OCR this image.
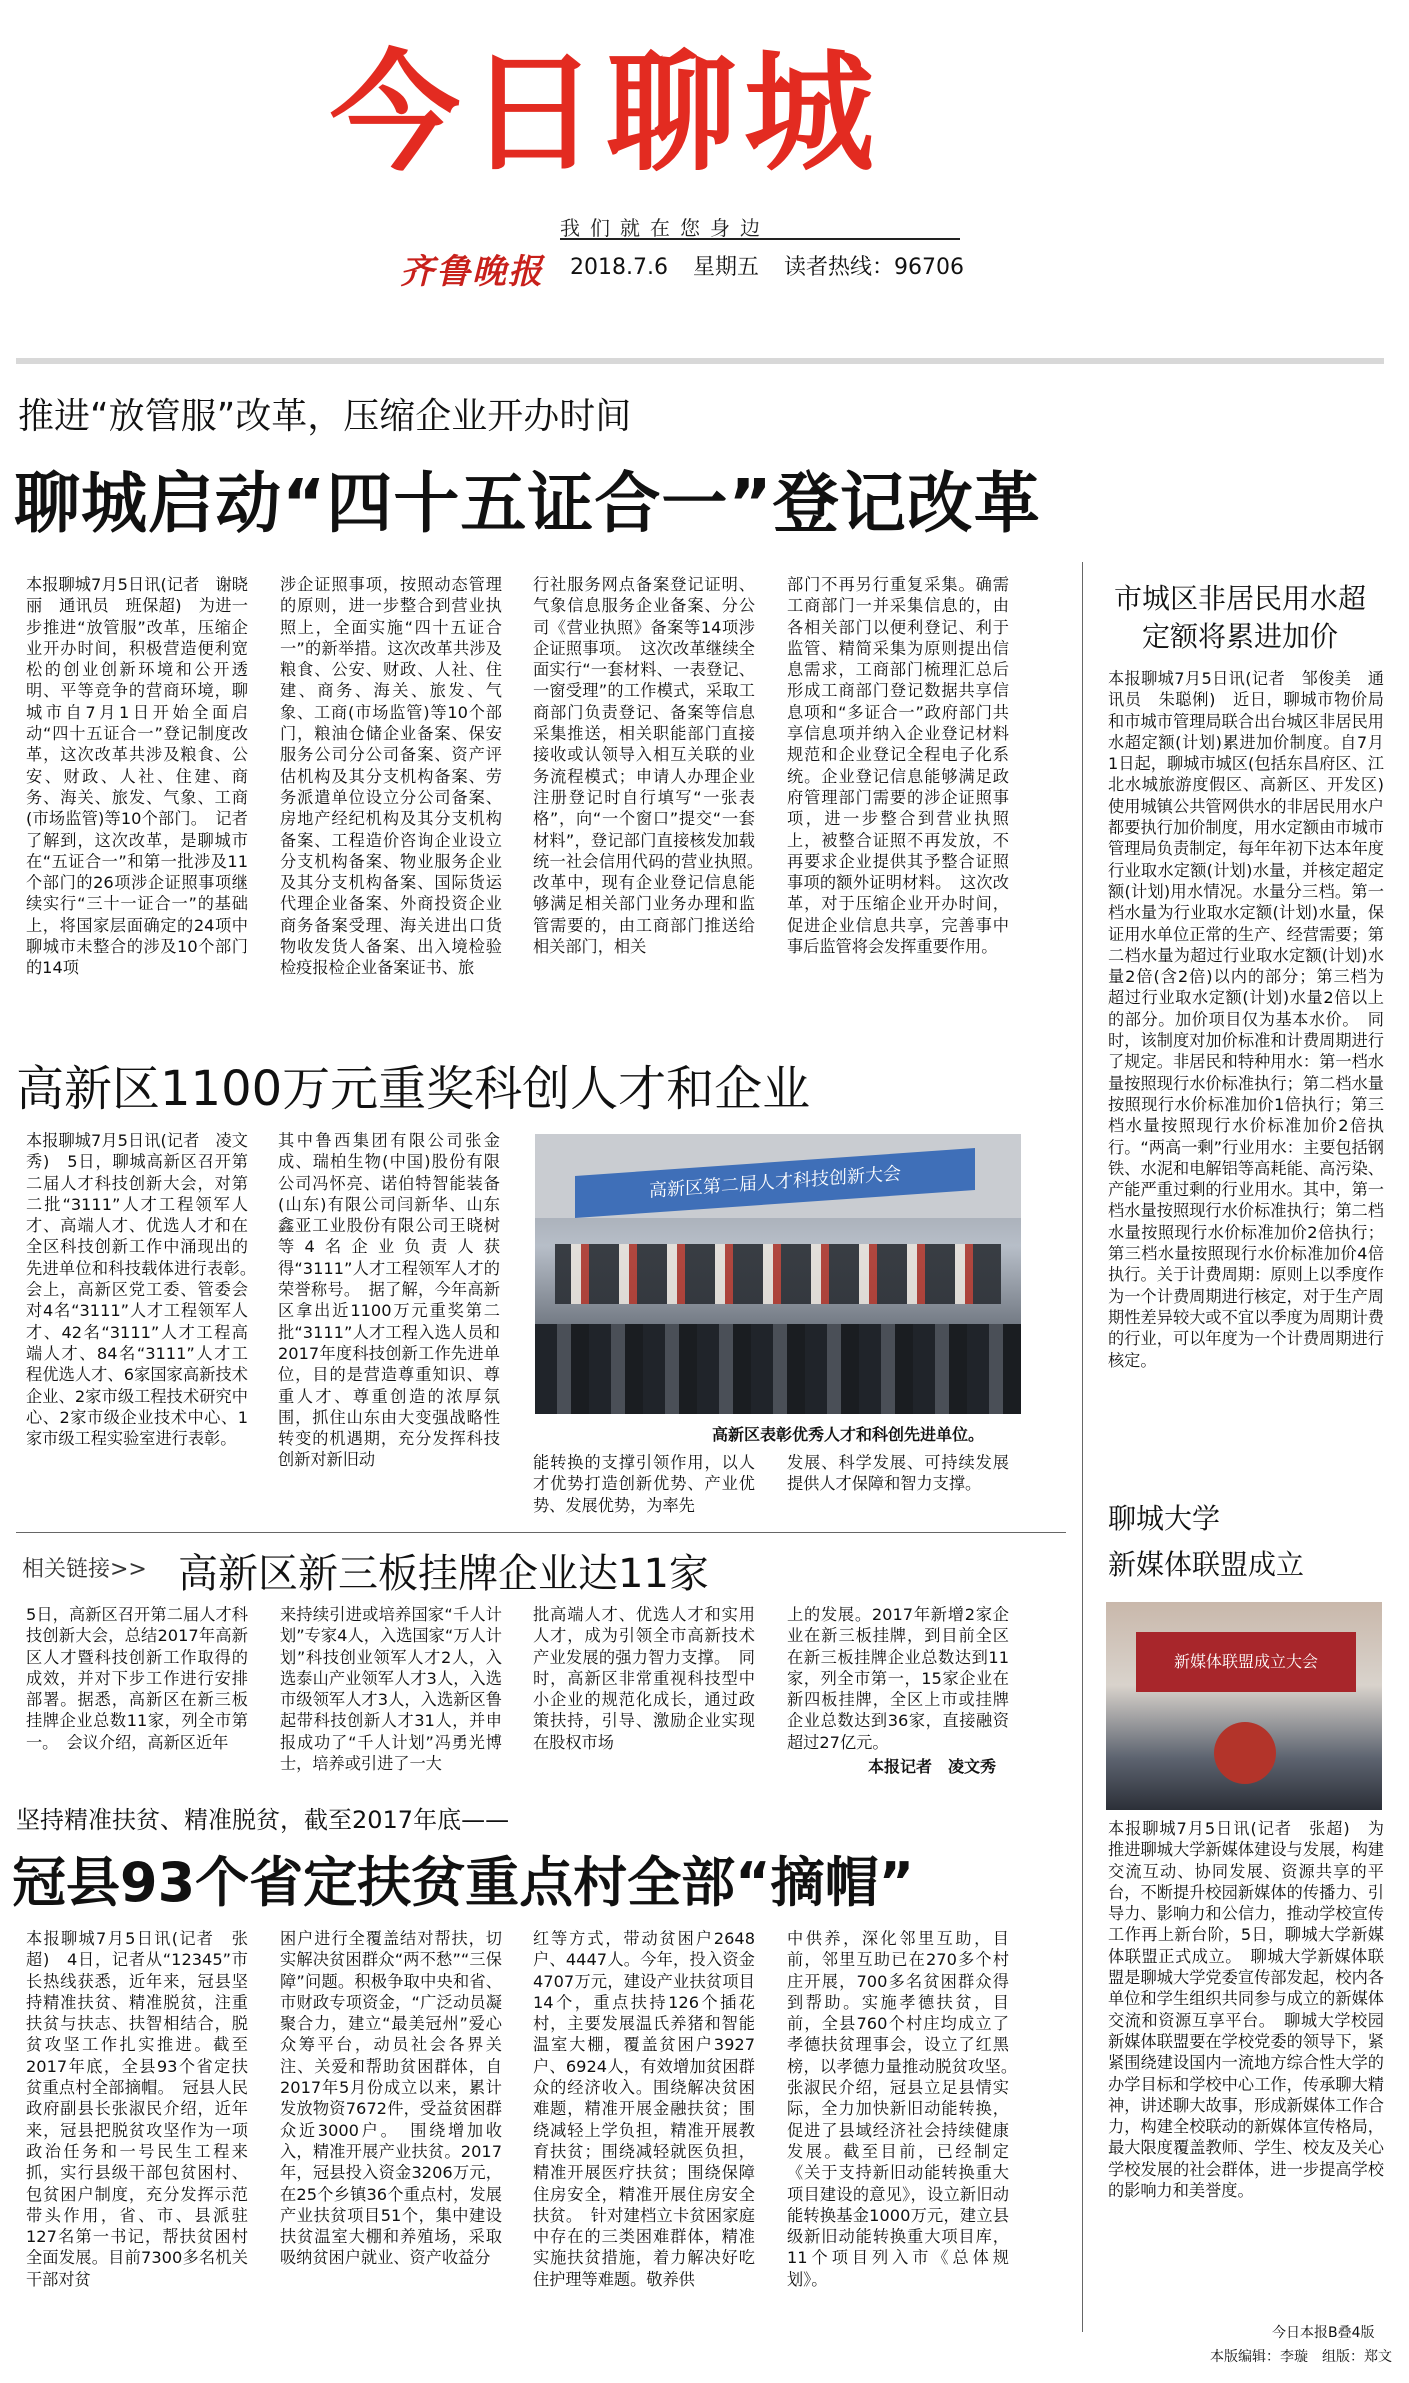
今日聊城
我们就在您身边
齐鲁晚报 2018.7.6 星期五 读者热线：96706
推进“放管服”改革，压缩企业开办时间
聊城启动“四十五证合一”登记改革
本报聊城7月5日讯(记者　谢晓丽　通讯员　班保超)　为进一步推进“放管服”改革，压缩企业开办时间，积极营造便利宽松的创业创新环境和公开透明、平等竞争的营商环境，聊城市自7月1日开始全面启动“四十五证合一”登记制度改革，这次改革共涉及粮食、公安、财政、人社、住建、商务、海关、旅发、气象、工商(市场监管)等10个部门。　记者了解到，这次改革，是聊城市在“五证合一”和第一批涉及11个部门的26项涉企证照事项继续实行“三十一证合一”的基础上，将国家层面确定的24项中聊城市未整合的涉及10个部门的14项
涉企证照事项，按照动态管理的原则，进一步整合到营业执照上，全面实施“四十五证合一”的新举措。这次改革共涉及粮食、公安、财政、人社、住建、商务、海关、旅发、气象、工商(市场监管)等10个部门，粮油仓储企业备案、保安服务公司分公司备案、资产评估机构及其分支机构备案、劳务派遣单位设立分公司备案、房地产经纪机构及其分支机构备案、工程造价咨询企业设立分支机构备案、物业服务企业及其分支机构备案、国际货运代理企业备案、外商投资企业商务备案受理、海关进出口货物收发货人备案、出入境检验检疫报检企业备案证书、旅
行社服务网点备案登记证明、气象信息服务企业备案、分公司《营业执照》备案等14项涉企证照事项。　这次改革继续全面实行“一套材料、一表登记、一窗受理”的工作模式，采取工商部门负责登记、备案等信息采集推送，相关职能部门直接接收或认领导入相互关联的业务流程模式；申请人办理企业注册登记时自行填写“一张表格”，向“一个窗口”提交“一套材料”，登记部门直接核发加载统一社会信用代码的营业执照。　改革中，现有企业登记信息能够满足相关部门业务办理和监管需要的，由工商部门推送给相关部门，相关
部门不再另行重复采集。确需工商部门一并采集信息的，由各相关部门以便利登记、利于监管、精简采集为原则提出信息需求，工商部门梳理汇总后形成工商部门登记数据共享信息项和“多证合一”政府部门共享信息项并纳入企业登记材料规范和企业登记全程电子化系统。企业登记信息能够满足政府管理部门需要的涉企证照事项，进一步整合到营业执照上，被整合证照不再发放，不再要求企业提供其予整合证照事项的额外证明材料。　这次改革，对于压缩企业开办时间，促进企业信息共享，完善事中事后监管将会发挥重要作用。
高新区1100万元重奖科创人才和企业
本报聊城7月5日讯(记者　凌文秀)　5日，聊城高新区召开第二届人才科技创新大会，对第二批“3111”人才工程领军人才、高端人才、优选人才和在全区科技创新工作中涌现出的先进单位和科技载体进行表彰。　会上，高新区党工委、管委会对4名“3111”人才工程领军人才、42名“3111”人才工程高端人才、84名“3111”人才工程优选人才、6家国家高新技术企业、2家市级工程技术研究中心、2家市级企业技术中心、1家市级工程实验室进行表彰。
其中鲁西集团有限公司张金成、瑞柏生物(中国)股份有限公司冯怀亮、诺伯特智能装备(山东)有限公司闫新华、山东鑫亚工业股份有限公司王晓树等4名企业负责人获得“3111”人才工程领军人才的荣誉称号。　据了解，今年高新区拿出近1100万元重奖第二批“3111”人才工程入选人员和2017年度科技创新工作先进单位，目的是营造尊重知识、尊重人才、尊重创造的浓厚氛围，抓住山东由大变强战略性转变的机遇期，充分发挥科技创新对新旧动
高新区第二届人才科技创新大会
高新区表彰优秀人才和科创先进单位。
能转换的支撑引领作用，以人才优势打造创新优势、产业优势、发展优势，为率先
发展、科学发展、可持续发展提供人才保障和智力支撑。
相关链接>> 高新区新三板挂牌企业达11家
5日，高新区召开第二届人才科技创新大会，总结2017年高新区人才暨科技创新工作取得的成效，并对下步工作进行安排部署。据悉，高新区在新三板挂牌企业总数11家，列全市第一。　会议介绍，高新区近年
来持续引进或培养国家“千人计划”专家4人，入选国家“万人计划”科技创业领军人才2人，入选泰山产业领军人才3人，入选市级领军人才3人，入选新区鲁起带科技创新人才31人，并申报成功了“千人计划”冯勇光博士，培养或引进了一大
批高端人才、优选人才和实用人才，成为引领全市高新技术产业发展的强力智力支撑。　同时，高新区非常重视科技型中小企业的规范化成长，通过政策扶持，引导、激励企业实现在股权市场
上的发展。2017年新增2家企业在新三板挂牌，到目前全区在新三板挂牌企业总数达到11家，列全市第一，15家企业在新四板挂牌，全区上市或挂牌企业总数达到36家，直接融资超过27亿元。
本报记者　凌文秀
坚持精准扶贫、精准脱贫，截至2017年底——
冠县93个省定扶贫重点村全部“摘帽”
本报聊城7月5日讯(记者　张超)　4日，记者从“12345”市长热线获悉，近年来，冠县坚持精准扶贫、精准脱贫，注重扶贫与扶志、扶智相结合，脱贫攻坚工作扎实推进。截至2017年底，全县93个省定扶贫重点村全部摘帽。　冠县人民政府副县长张淑民介绍，近年来，冠县把脱贫攻坚作为一项政治任务和一号民生工程来抓，实行县级干部包贫困村、包贫困户制度，充分发挥示范带头作用，省、市、县派驻127名第一书记，帮扶贫困村全面发展。目前7300多名机关干部对贫
困户进行全覆盖结对帮扶，切实解决贫困群众“两不愁”“三保障”问题。积极争取中央和省、市财政专项资金，“广泛动员凝聚合力，建立“最美冠州”爱心众筹平台，动员社会各界关注、关爱和帮助贫困群体，自2017年5月份成立以来，累计发放物资7672件，受益贫困群众近3000户。　围绕增加收入，精准开展产业扶贫。2017年，冠县投入资金3206万元，在25个乡镇36个重点村，发展产业扶贫项目51个，集中建设扶贫温室大棚和养殖场，采取吸纳贫困户就业、资产收益分
红等方式，带动贫困户2648户、4447人。今年，投入资金4707万元，建设产业扶贫项目14个，重点扶持126个插花村，主要发展温氏养猪和智能温室大棚，覆盖贫困户3927户、6924人，有效增加贫困群众的经济收入。围绕解决贫困难题，精准开展金融扶贫；围绕减轻上学负担，精准开展教育扶贫；围绕减轻就医负担，精准开展医疗扶贫；围绕保障住房安全，精准开展住房安全扶贫。　针对建档立卡贫困家庭中存在的三类困难群体，精准实施扶贫措施，着力解决好吃住护理等难题。敬养供
中供养，深化邻里互助，目前，邻里互助已在270多个村庄开展，700多名贫困群众得到帮助。实施孝德扶贫，目前，全县760个村庄均成立了孝德扶贫理事会，设立了红黑榜，以孝德力量推动脱贫攻坚。　张淑民介绍，冠县立足县情实际，全力加快新旧动能转换，促进了县域经济社会持续健康发展。截至目前，已经制定《关于支持新旧动能转换重大项目建设的意见》，设立新旧动能转换基金1000万元，建立县级新旧动能转换重大项目库，11个项目列入市《总体规划》。
市城区非居民用水超定额将累进加价
本报聊城7月5日讯(记者　邹俊美　通讯员　朱聪俐)　近日，聊城市物价局和市城市管理局联合出台城区非居民用水超定额(计划)累进加价制度。自7月1日起，聊城市城区(包括东昌府区、江北水城旅游度假区、高新区、开发区)使用城镇公共管网供水的非居民用水户都要执行加价制度，用水定额由市城市管理局负责制定，每年年初下达本年度行业取水定额(计划)水量，并核定超定额(计划)用水情况。水量分三档。第一档水量为行业取水定额(计划)水量，保证用水单位正常的生产、经营需要；第二档水量为超过行业取水定额(计划)水量2倍(含2倍)以内的部分；第三档为超过行业取水定额(计划)水量2倍以上的部分。加价项目仅为基本水价。　同时，该制度对加价标准和计费周期进行了规定。非居民和特种用水：第一档水量按照现行水价标准执行；第二档水量按照现行水价标准加价1倍执行；第三档水量按照现行水价标准加价2倍执行。“两高一剩”行业用水：主要包括钢铁、水泥和电解铝等高耗能、高污染、产能严重过剩的行业用水。其中，第一档水量按照现行水价标准执行；第二档水量按照现行水价标准加价2倍执行；第三档水量按照现行水价标准加价4倍执行。关于计费周期：原则上以季度作为一个计费周期进行核定，对于生产周期性差异较大或不宜以季度为周期计费的行业，可以年度为一个计费周期进行核定。
聊城大学
新媒体联盟成立
新媒体联盟成立大会
本报聊城7月5日讯(记者　张超)　为推进聊城大学新媒体建设与发展，构建交流互动、协同发展、资源共享的平台，不断提升校园新媒体的传播力、引导力、影响力和公信力，推动学校宣传工作再上新台阶，5日，聊城大学新媒体联盟正式成立。　聊城大学新媒体联盟是聊城大学党委宣传部发起，校内各单位和学生组织共同参与成立的新媒体交流和资源互享平台。　聊城大学校园新媒体联盟要在学校党委的领导下，紧紧围绕建设国内一流地方综合性大学的办学目标和学校中心工作，传承聊大精神，讲述聊大故事，形成新媒体工作合力，构建全校联动的新媒体宣传格局，最大限度覆盖教师、学生、校友及关心学校发展的社会群体，进一步提高学校的影响力和美誉度。
今日本报B叠4版
本版编辑：李璇　组版：郑文
